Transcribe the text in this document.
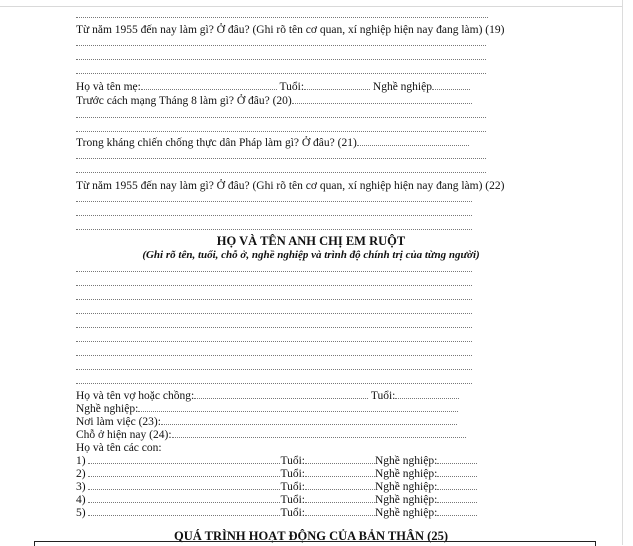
Từ năm 1955 đến nay làm gì? Ở đâu? (Ghi rõ tên cơ quan, xí nghiệp hiện nay đang làm) (19)
Họ và tên mẹ:	Tuổi:	Nghề nghiệp
Trước cách mạng Tháng 8 làm gì? Ở đâu? (20)
Trong kháng chiến chống thực dân Pháp làm gì? Ở đâu? (21)
Từ năm 1955 đến nay làm gì? Ở đâu? (Ghi rõ tên cơ quan, xí nghiệp hiện nay đang làm) (22)
HỌ VÀ TÊN ANH CHỊ EM RUỘT
(Ghi rõ tên, tuổi, chỗ ở, nghề nghiệp và trình độ chính trị của từng người)
Họ và tên vợ hoặc chồng:	Tuổi:
Nghề nghiệp:
Nơi làm việc (23):
Chỗ ở hiện nay (24):
Họ và tên các con:
1)	Tuổi:	Nghề nghiệp:
2)	Tuổi:	Nghề nghiệp:
3)	Tuổi:	Nghề nghiệp:
4)	Tuổi:	Nghề nghiệp:
5)	Tuổi:	Nghề nghiệp:
QUÁ TRÌNH HOẠT ĐỘNG CỦA BẢN THÂN (25)
